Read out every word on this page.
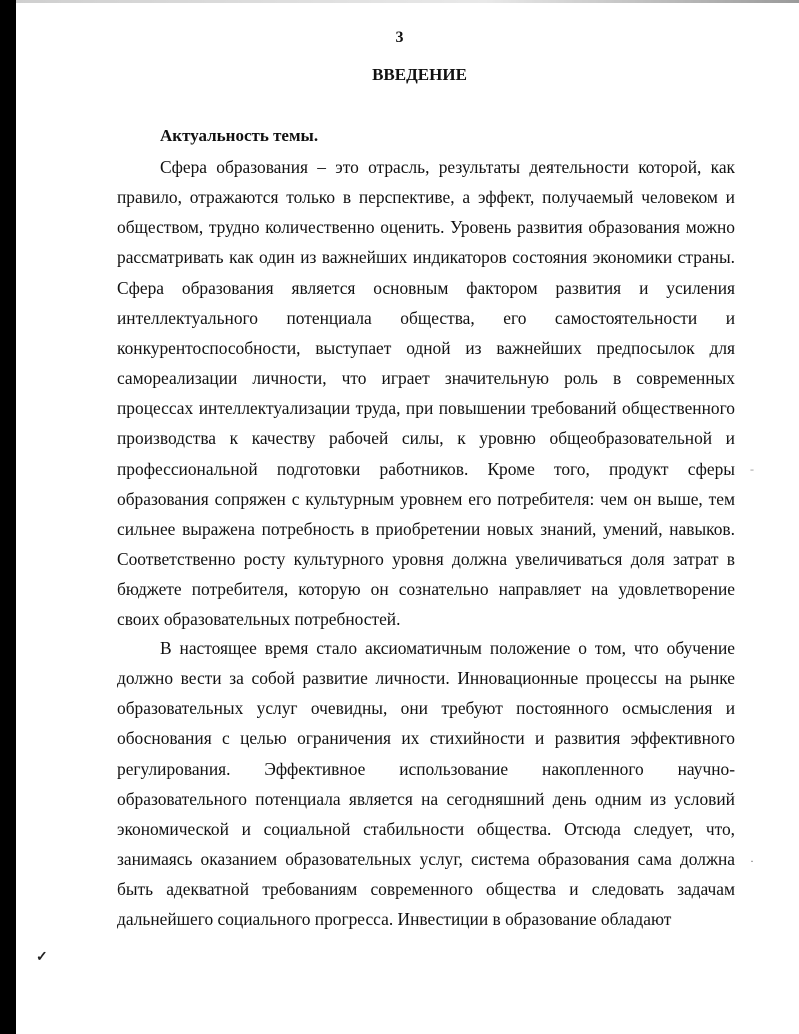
3
ВВЕДЕНИЕ
Актуальность темы.

Сфера образования – это отрасль, результаты деятельности которой, как правило, отражаются только в перспективе, а эффект, получаемый человеком и обществом, трудно количественно оценить. Уровень развития образования можно рассматривать как один из важнейших индикаторов состояния экономики страны. Сфера образования является основным фактором развития и усиления интеллектуального потенциала общества, его самостоятельности и конкурентоспособности, выступает одной из важнейших предпосылок для самореализации личности, что играет значительную роль в современных процессах интеллектуализации труда, при повышении требований общественного производства к качеству рабочей силы, к уровню общеобразовательной и профессиональной подготовки работников. Кроме того, продукт сферы образования сопряжен с культурным уровнем его потребителя: чем он выше, тем сильнее выражена потребность в приобретении новых знаний, умений, навыков. Соответственно росту культурного уровня должна увеличиваться доля затрат в бюджете потребителя, которую он сознательно направляет на удовлетворение своих образовательных потребностей.

В настоящее время стало аксиоматичным положение о том, что обучение должно вести за собой развитие личности. Инновационные процессы на рынке образовательных услуг очевидны, они требуют постоянного осмысления и обоснования с целью ограничения их стихийности и развития эффективного регулирования. Эффективное использование накопленного научно-образовательного потенциала является на сегодняшний день одним из условий экономической и социальной стабильности общества. Отсюда следует, что, занимаясь оказанием образовательных услуг, система образования сама должна быть адекватной требованиям современного общества и следовать задачам дальнейшего социального прогресса. Инвестиции в образование обладают

✓
-
·
